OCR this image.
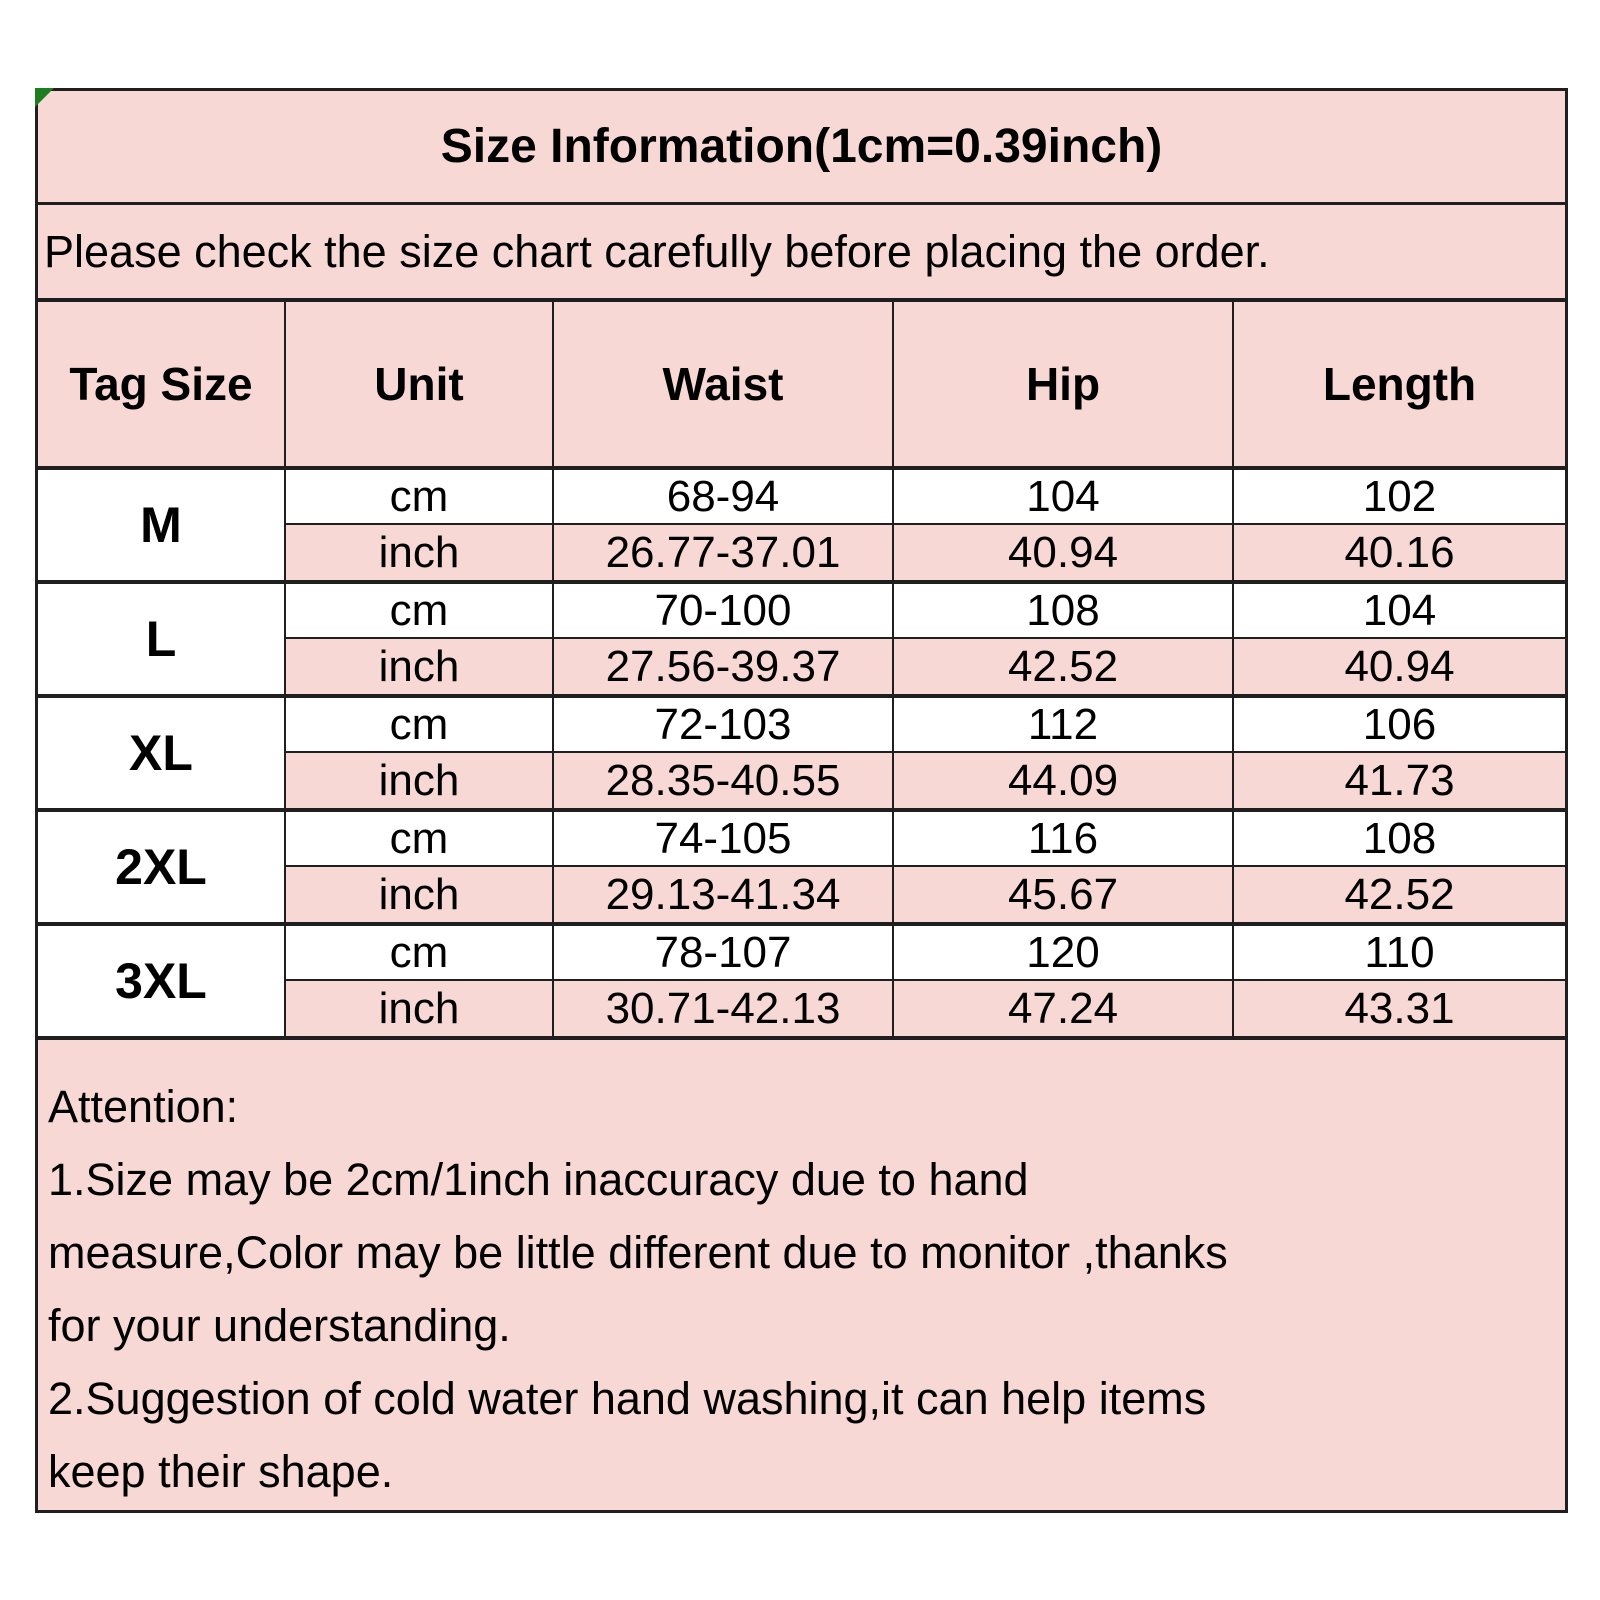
Size Information(1cm=0.39inch)
Please check the size chart carefully before placing the order.
Tag Size	Unit	Waist	Hip	Length
M
cm	68-94	104	102
inch	26.77-37.01	40.94	40.16
L
cm	70-100	108	104
inch	27.56-39.37	42.52	40.94
XL
cm	72-103	112	106
inch	28.35-40.55	44.09	41.73
2XL
cm	74-105	116	108
inch	29.13-41.34	45.67	42.52
3XL
cm	78-107	120	110
inch	30.71-42.13	47.24	43.31
Attention:
1.Size may be 2cm/1inch inaccuracy due to hand
measure,Color may be little different due to monitor ,thanks
for your understanding.
2.Suggestion of cold water hand washing,it can help items
keep their shape.
